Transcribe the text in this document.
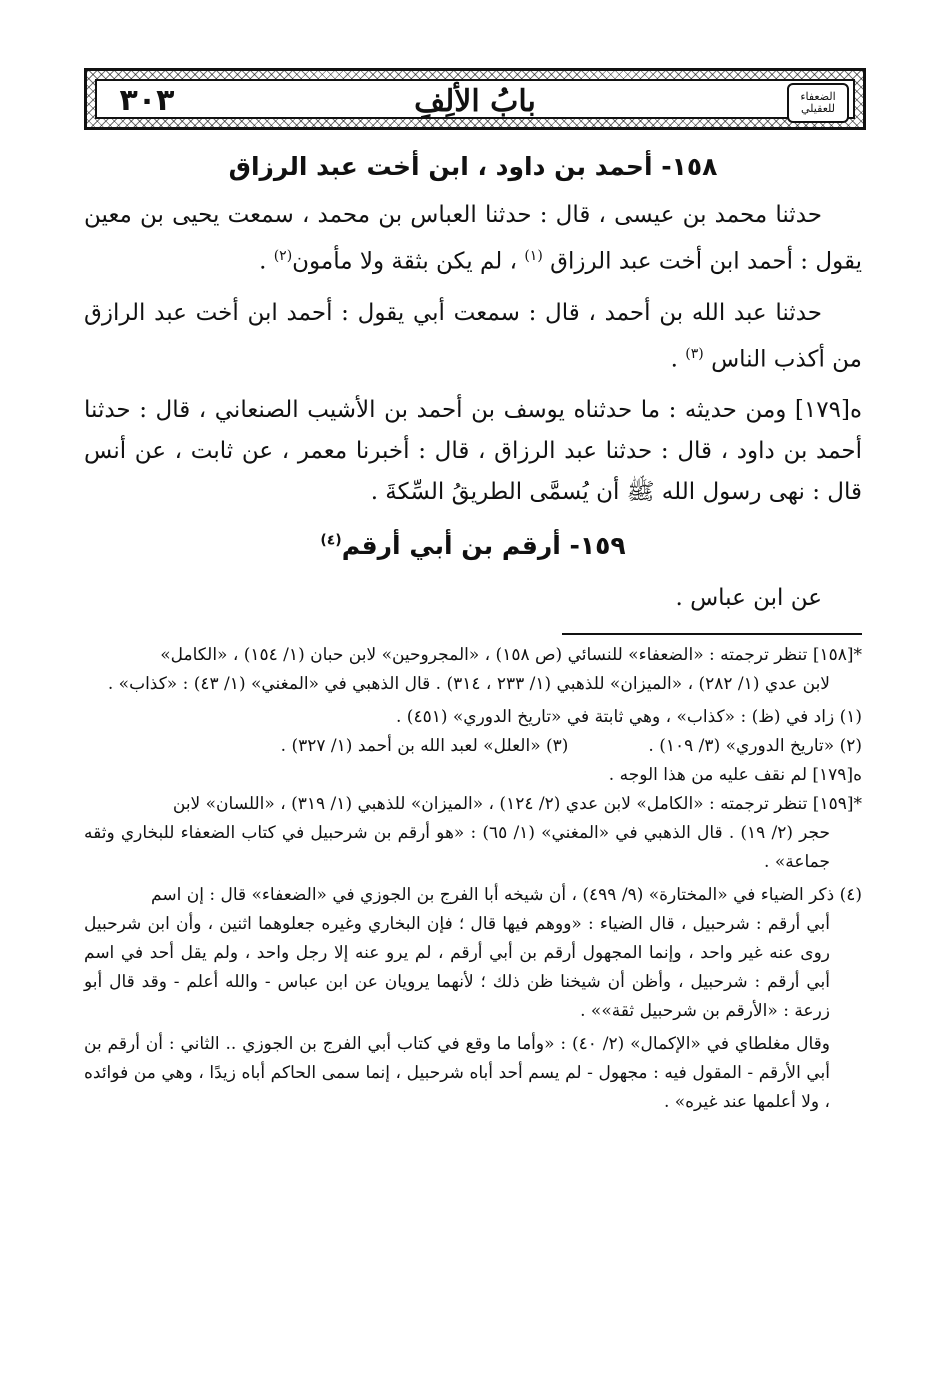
٣٠٣	بابُ الألِفِ	الضعفاء للعقيلي

١٥٨- أحمد بن داود ، ابن أخت عبد الرزاق

حدثنا محمد بن عيسى ، قال : حدثنا العباس بن محمد ، سمعت يحيى بن معين يقول : أحمد ابن أخت عبد الرزاق $^{(١)}$ ، لم يكن بثقة ولا مأمون$^{(٢)}$ .

حدثنا عبد الله بن أحمد ، قال : سمعت أبي يقول : أحمد ابن أخت عبد الرازق من أكذب الناس $^{(٣)}$ .

ه[١٧٩] ومن حديثه : ما حدثناه يوسف بن أحمد بن الأشيب الصنعاني ، قال : حدثنا أحمد بن داود ، قال : حدثنا عبد الرزاق ، قال : أخبرنا معمر ، عن ثابت ، عن أنس قال : نهى رسول الله ﷺ أن يُسمَّى الطريقُ السِّكةَ .

١٥٩- أرقم بن أبي أرقم$^{(٤)}$

عن ابن عباس .

*[١٥٨] تنظر ترجمته : «الضعفاء» للنسائي (ص ١٥٨) ، «المجروحين» لابن حبان (١/ ١٥٤) ، «الكامل»

لابن عدي (١/ ٢٨٢) ، «الميزان» للذهبي (١/ ٢٣٣ ، ٣١٤) . قال الذهبي في «المغني» (١/ ٤٣) : «كذاب» .

(١) زاد في (ظ) : «كذاب» ، وهي ثابتة في «تاريخ الدوري» (٤٥١) .

(٢) «تاريخ الدوري» (٣/ ١٠٩) .
(٣) «العلل» لعبد الله بن أحمد (١/ ٣٢٧) .

ه[١٧٩] لم نقف عليه من هذا الوجه .

*[١٥٩] تنظر ترجمته : «الكامل» لابن عدي (٢/ ١٢٤) ، «الميزان» للذهبي (١/ ٣١٩) ، «اللسان» لابن

حجر (٢/ ١٩) . قال الذهبي في «المغني» (١/ ٦٥) : «هو أرقم بن شرحبيل في كتاب الضعفاء للبخاري وثقه جماعة» .

(٤) ذكر الضياء في «المختارة» (٩/ ٤٩٩) ، أن شيخه أبا الفرج بن الجوزي في «الضعفاء» قال : إن اسم

أبي أرقم : شرحبيل ، قال الضياء : «ووهم فيها قال ؛ فإن البخاري وغيره جعلوهما اثنين ، وأن ابن شرحبيل روى عنه غير واحد ، وإنما المجهول أرقم بن أبي أرقم ، لم يرو عنه إلا رجل واحد ، ولم يقل أحد في اسم أبي أرقم : شرحبيل ، وأظن أن شيخنا ظن ذلك ؛ لأنهما يرويان عن ابن عباس - والله أعلم - وقد قال أبو زرعة : «الأرقم بن شرحبيل ثقة»» .

وقال مغلطاي في «الإكمال» (٢/ ٤٠) : «وأما ما وقع في كتاب أبي الفرج بن الجوزي .. الثاني : أن أرقم بن أبي الأرقم - المقول فيه : مجهول - لم يسم أحد أباه شرحبيل ، إنما سمى الحاكم أباه زيدًا ، وهي من فوائده ، ولا أعلمها عند غيره» .
